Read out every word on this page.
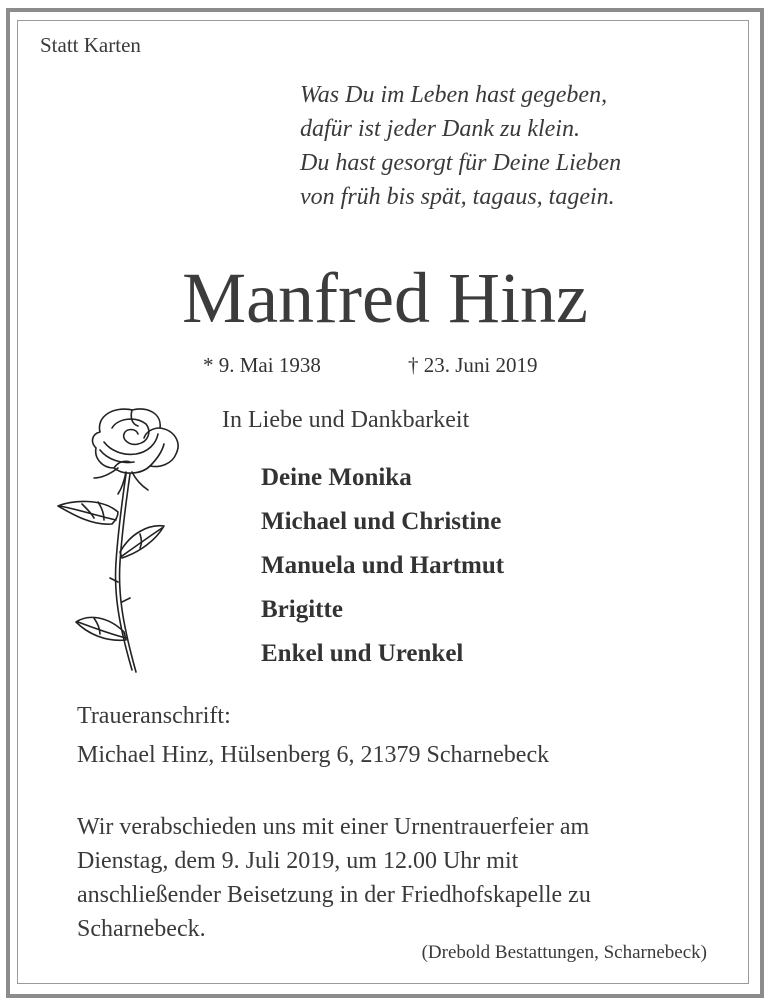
Statt Karten
Was Du im Leben hast gegeben,
dafür ist jeder Dank zu klein.
Du hast gesorgt für Deine Lieben
von früh bis spät, tagaus, tagein.
Manfred Hinz
* 9. Mai 1938	† 23. Juni 2019
In Liebe und Dankbarkeit
Deine Monika
Michael und Christine
Manuela und Hartmut
Brigitte
Enkel und Urenkel
Traueranschrift:
Michael Hinz, Hülsenberg 6, 21379 Scharnebeck
Wir verabschieden uns mit einer Urnentrauerfeier am
Dienstag, dem 9. Juli 2019, um 12.00 Uhr mit
anschließender Beisetzung in der Friedhofskapelle zu
Scharnebeck.
(Drebold Bestattungen, Scharnebeck)
